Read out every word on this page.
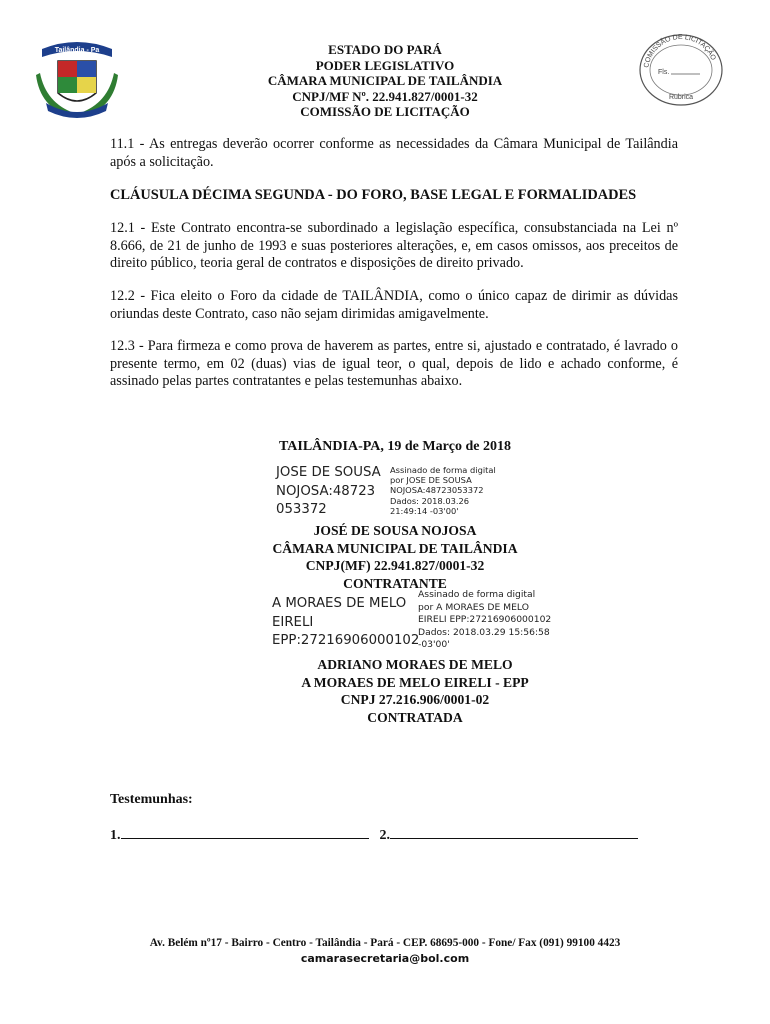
Tailândia - Pa	ESTADO DO PARÁ
PODER LEGISLATIVO
CÂMARA MUNICIPAL DE TAILÂNDIA
CNPJ/MF Nº. 22.941.827/0001-32
COMISSÃO DE LICITAÇÃO
COMISSÃO DE LICITAÇÃO
Fls.
Rubrica
11.1 - As entregas deverão ocorrer conforme as necessidades da Câmara Municipal de Tailândia após a solicitação.
CLÁUSULA DÉCIMA SEGUNDA - DO FORO, BASE LEGAL E FORMALIDADES
12.1 - Este Contrato encontra-se subordinado a legislação específica, consubstanciada na Lei nº 8.666, de 21 de junho de 1993 e suas posteriores alterações, e, em casos omissos, aos preceitos de direito público, teoria geral de contratos e disposições de direito privado.
12.2 - Fica eleito o Foro da cidade de TAILÂNDIA, como o único capaz de dirimir as dúvidas oriundas deste Contrato, caso não sejam dirimidas amigavelmente.
12.3 - Para firmeza e como prova de haverem as partes, entre si, ajustado e contratado, é lavrado o presente termo, em 02 (duas) vias de igual teor, o qual, depois de lido e achado conforme, é assinado pelas partes contratantes e pelas testemunhas abaixo.
TAILÂNDIA-PA, 19 de Março de 2018
JOSE DE SOUSA
NOJOSA:48723
053372
Assinado de forma digital
por JOSE DE SOUSA
NOJOSA:48723053372
Dados: 2018.03.26
21:49:14 -03'00'
JOSÉ DE SOUSA NOJOSA
CÂMARA MUNICIPAL DE TAILÂNDIA
CNPJ(MF) 22.941.827/0001-32
CONTRATANTE
A MORAES DE MELO
EIRELI
EPP:27216906000102
Assinado de forma digital
por A MORAES DE MELO
EIRELI EPP:27216906000102
Dados: 2018.03.29 15:56:58
-03'00'
ADRIANO MORAES DE MELO
A MORAES DE MELO EIRELI - EPP
CNPJ 27.216.906/0001-02
CONTRATADA
Testemunhas:
1.	2.
Av. Belém nº17 - Bairro - Centro - Tailândia - Pará - CEP. 68695-000 - Fone/ Fax (091) 99100 4423
camarasecretaria@bol.com
